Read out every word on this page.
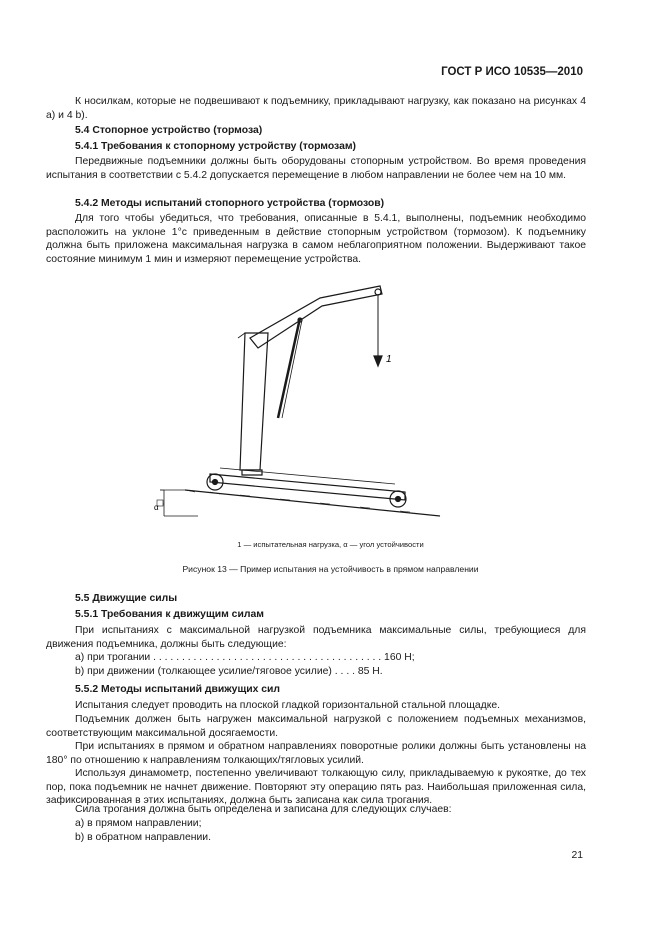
ГОСТ Р ИСО 10535—2010
К носилкам, которые не подвешивают к подъемнику, прикладывают нагрузку, как показано на рисунках 4 a) и 4 b).
5.4 Стопорное устройство (тормоза)
5.4.1 Требования к стопорному устройству (тормозам)
Передвижные подъемники должны быть оборудованы стопорным устройством. Во время проведения испытания в соответствии с 5.4.2 допускается перемещение в любом направлении не более чем на 10 мм.
5.4.2 Методы испытаний стопорного устройства (тормозов)
Для того чтобы убедиться, что требования, описанные в 5.4.1, выполнены, подъемник необходимо расположить на уклоне 1°с приведенным в действие стопорным устройством (тормозом). К подъемнику должна быть приложена максимальная нагрузка в самом неблагоприятном положении. Выдерживают такое состояние минимум 1 мин и измеряют перемещение устройства.
1
α
1 — испытательная нагрузка, α — угол устойчивости
Рисунок 13 — Пример испытания на устойчивость в прямом направлении
5.5 Движущие силы
5.5.1 Требования к движущим силам
При испытаниях с максимальной нагрузкой подъемника максимальные силы, требующиеся для движения подъемника, должны быть следующие:
a) при трогании . . . . . . . . . . . . . . . . . . . . . . . . . . . . . . . . . . . . . . . . 160 Н;
b) при движении (толкающее усилие/тяговое усилие) . . . . 85 Н.
5.5.2 Методы испытаний движущих сил
Испытания следует проводить на плоской гладкой горизонтальной стальной площадке.
Подъемник должен быть нагружен максимальной нагрузкой с положением подъемных механизмов, соответствующим максимальной досягаемости.
При испытаниях в прямом и обратном направлениях поворотные ролики должны быть установлены на 180° по отношению к направлениям толкающих/тягловых усилий.
Используя динамометр, постепенно увеличивают толкающую силу, прикладываемую к рукоятке, до тех пор, пока подъемник не начнет движение. Повторяют эту операцию пять раз. Наибольшая приложенная сила, зафиксированная в этих испытаниях, должна быть записана как сила трогания.
Сила трогания должна быть определена и записана для следующих случаев:
a) в прямом направлении;
b) в обратном направлении.
21
